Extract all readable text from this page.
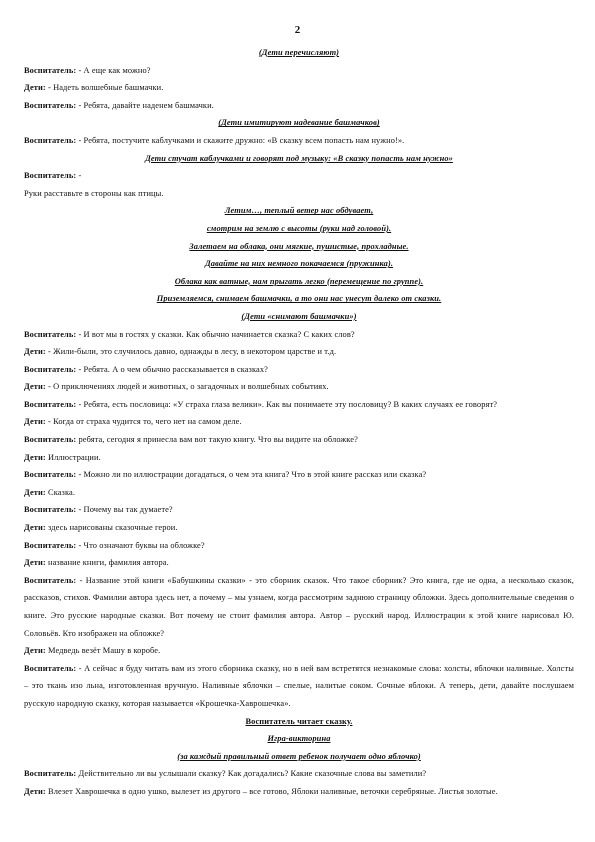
2
(Дети перечисляют)
Воспитатель: - А еще как можно?
Дети: - Надеть волшебные башмачки.
Воспитатель: - Ребята, давайте наденем башмачки.
(Дети имитируют надевание башмачков)
Воспитатель: - Ребята, постучите каблучками и скажите дружно: «В сказку всем попасть нам нужно!».
Дети стучат каблучками и говорят под музыку: «В сказку попасть нам нужно»
Воспитатель: -
Руки расставьте в стороны как птицы.
Летим…, теплый ветер нас обдувает,
смотрим на землю с высоты (руки над головой).
Залетаем на облака, они мягкие, пушистые, прохладные.
Давайте на них немного покачаемся (пружинка).
Облака как ватные, нам прыгать легко (перемещение по группе).
Приземляемся, снимаем башмачки, а то они нас унесут далеко от сказки.
(Дети «снимают башмачки»)
Воспитатель: - И вот мы в гостях у сказки. Как обычно начинается сказка? С каких слов?
Дети: - Жили-были, это случилось давно, однажды в лесу, в некотором царстве и т.д.
Воспитатель: - Ребята. А о чем обычно рассказывается в сказках?
Дети: - О приключениях людей и животных, о загадочных и волшебных событиях.
Воспитатель: - Ребята, есть пословица: «У страха глаза велики». Как вы понимаете эту пословицу? В каких случаях ее говорят?
Дети: - Когда от страха чудится то, чего нет на самом деле.
Воспитатель: ребята, сегодня я принесла вам вот такую книгу. Что вы видите на обложке?
Дети: Иллюстрации.
Воспитатель: - Можно ли по иллюстрации догадаться, о чем эта книга? Что в этой книге рассказ или сказка?
Дети: Сказка.
Воспитатель: - Почему вы так думаете?
Дети: здесь нарисованы сказочные герои.
Воспитатель: - Что означают буквы на обложке?
Дети: название книги, фамилия автора.
Воспитатель: - Название этой книги «Бабушкины сказки» - это сборник сказок. Что такое сборник? Это книга, где не одна, а несколько сказок, рассказов, стихов. Фамилии автора здесь нет, а почему – мы узнаем, когда рассмотрим заднюю страницу обложки. Здесь дополнительные сведения о книге. Это русские народные сказки. Вот почему не стоит фамилия автора. Автор – русский народ. Иллюстрации к этой книге нарисовал Ю. Соловьёв. Кто изображен на обложке?
Дети: Медведь везёт Машу в коробе.
Воспитатель: - А сейчас я буду читать вам из этого сборника сказку, но в ней вам встретятся незнакомые слова: холсты, яблочки наливные. Холсты – это ткань изо льна, изготовленная вручную. Наливные яблочки – спелые, налитые соком. Сочные яблоки. А теперь, дети, давайте послушаем русскую народную сказку, которая называется «Крошечка-Хаврошечка».
Воспитатель читает сказку.
Игра-викторина
(за каждый правильный ответ ребенок получает одно яблочко)
Воспитатель: Действительно ли вы услышали сказку? Как догадались? Какие сказочные слова вы заметили?
Дети: Влезет Хаврошечка в одно ушко, вылезет из другого – все готово, Яблоки наливные, веточки серебряные. Листья золотые.
